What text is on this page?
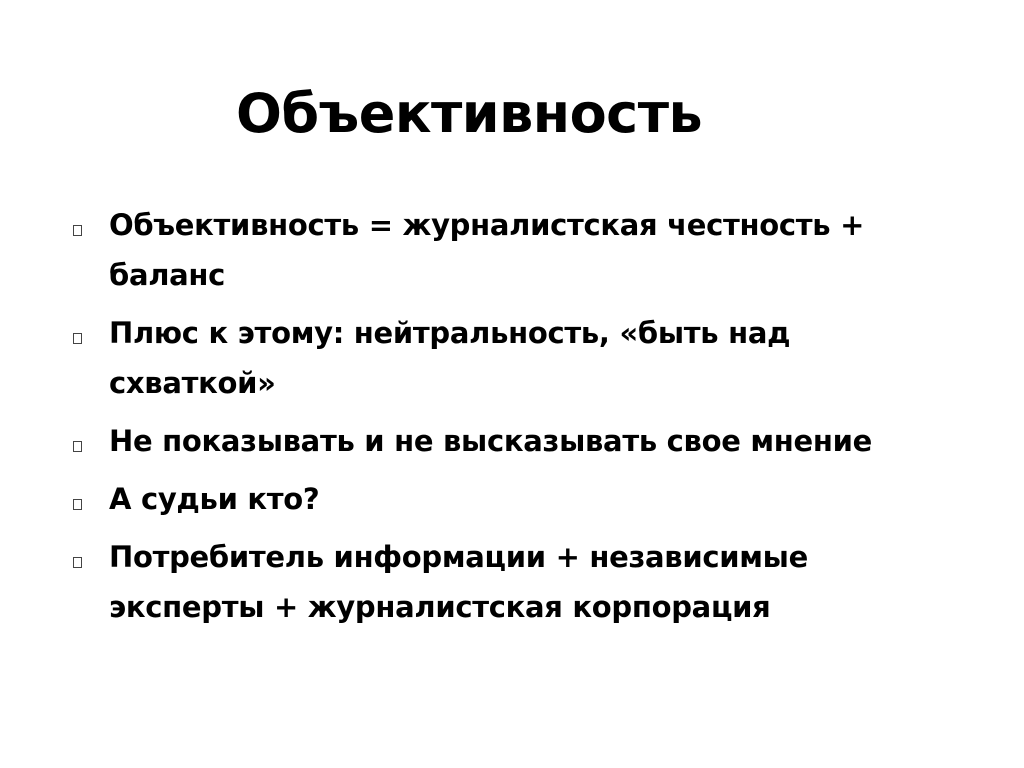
Объективность
Объективность = журналистская честность + баланс
Плюс к этому: нейтральность, «быть над схваткой»
Не показывать и не высказывать свое мнение
А судьи кто?
Потребитель информации + независимые эксперты + журналистская корпорация
